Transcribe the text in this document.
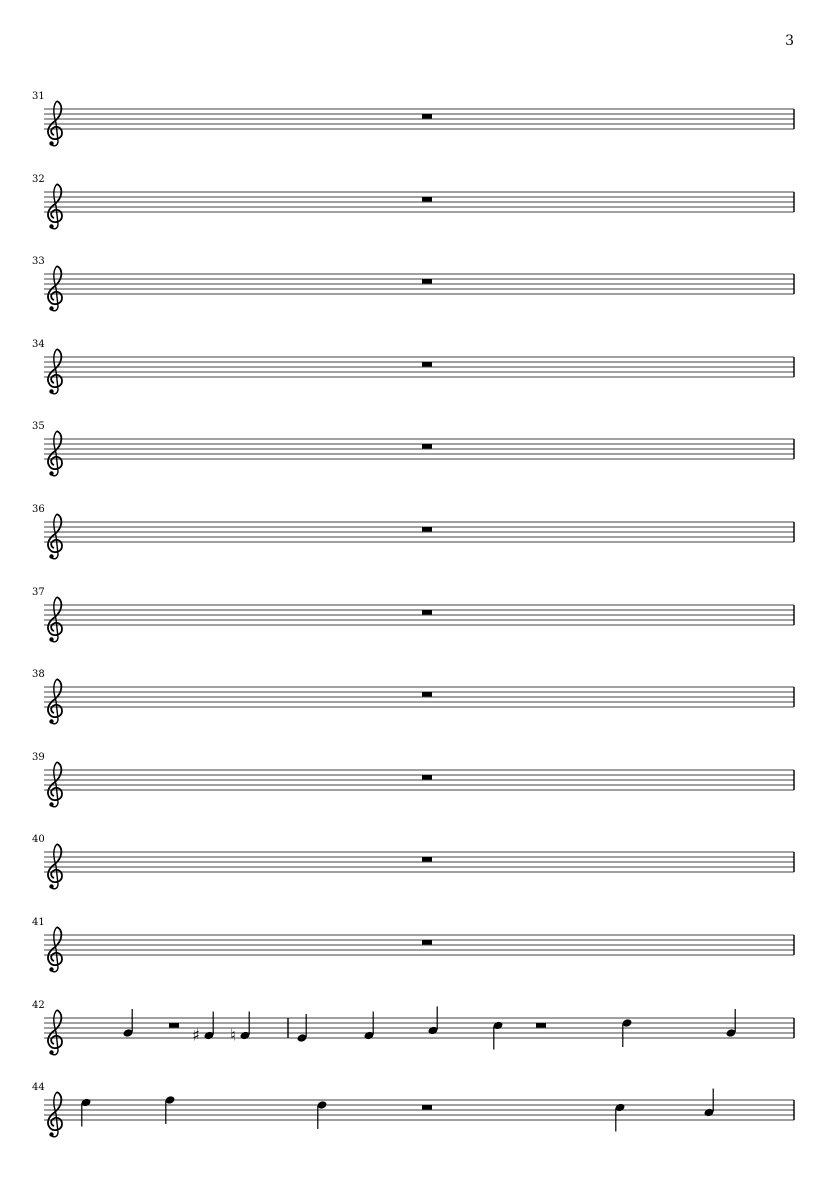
3
31
32
33
34
35
36
37
38
39
40
41
42
44
♯ ♮
